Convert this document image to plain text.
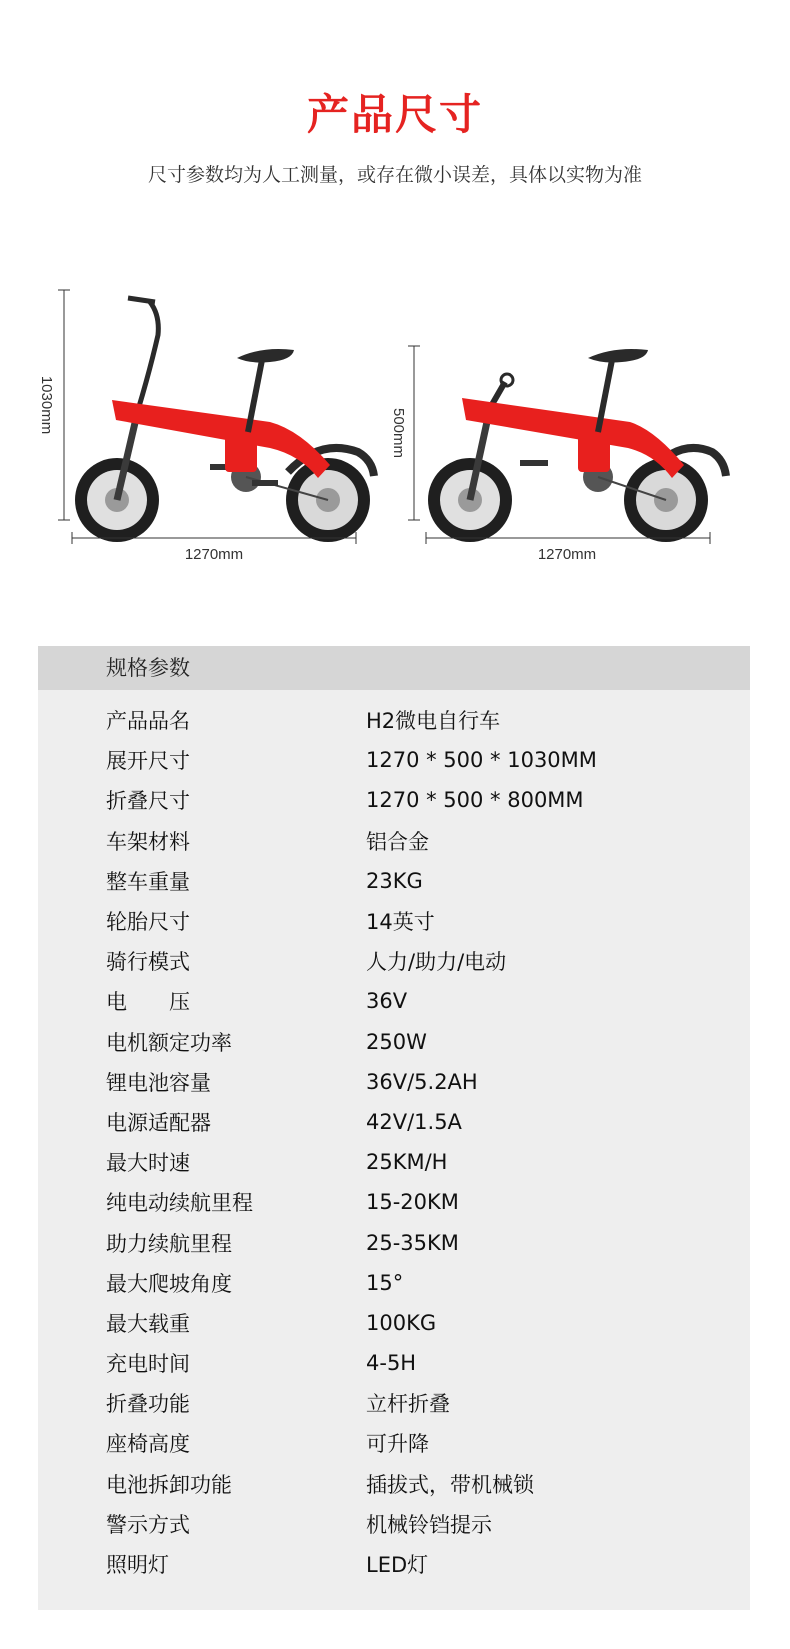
产品尺寸
尺寸参数均为人工测量，或存在微小误差，具体以实物为准
1030mm
1270mm
500mm
1270mm
规格参数
产品品名	H2微电自行车
展开尺寸	1270 * 500 * 1030MM
折叠尺寸	1270 * 500 * 800MM
车架材料	铝合金
整车重量	23KG
轮胎尺寸	14英寸
骑行模式	人力/助力/电动
电　　压	36V
电机额定功率	250W
锂电池容量	36V/5.2AH
电源适配器	42V/1.5A
最大时速	25KM/H
纯电动续航里程	15-20KM
助力续航里程	25-35KM
最大爬坡角度	15°
最大载重	100KG
充电时间	4-5H
折叠功能	立杆折叠
座椅高度	可升降
电池拆卸功能	插拔式，带机械锁
警示方式	机械铃铛提示
照明灯	LED灯
